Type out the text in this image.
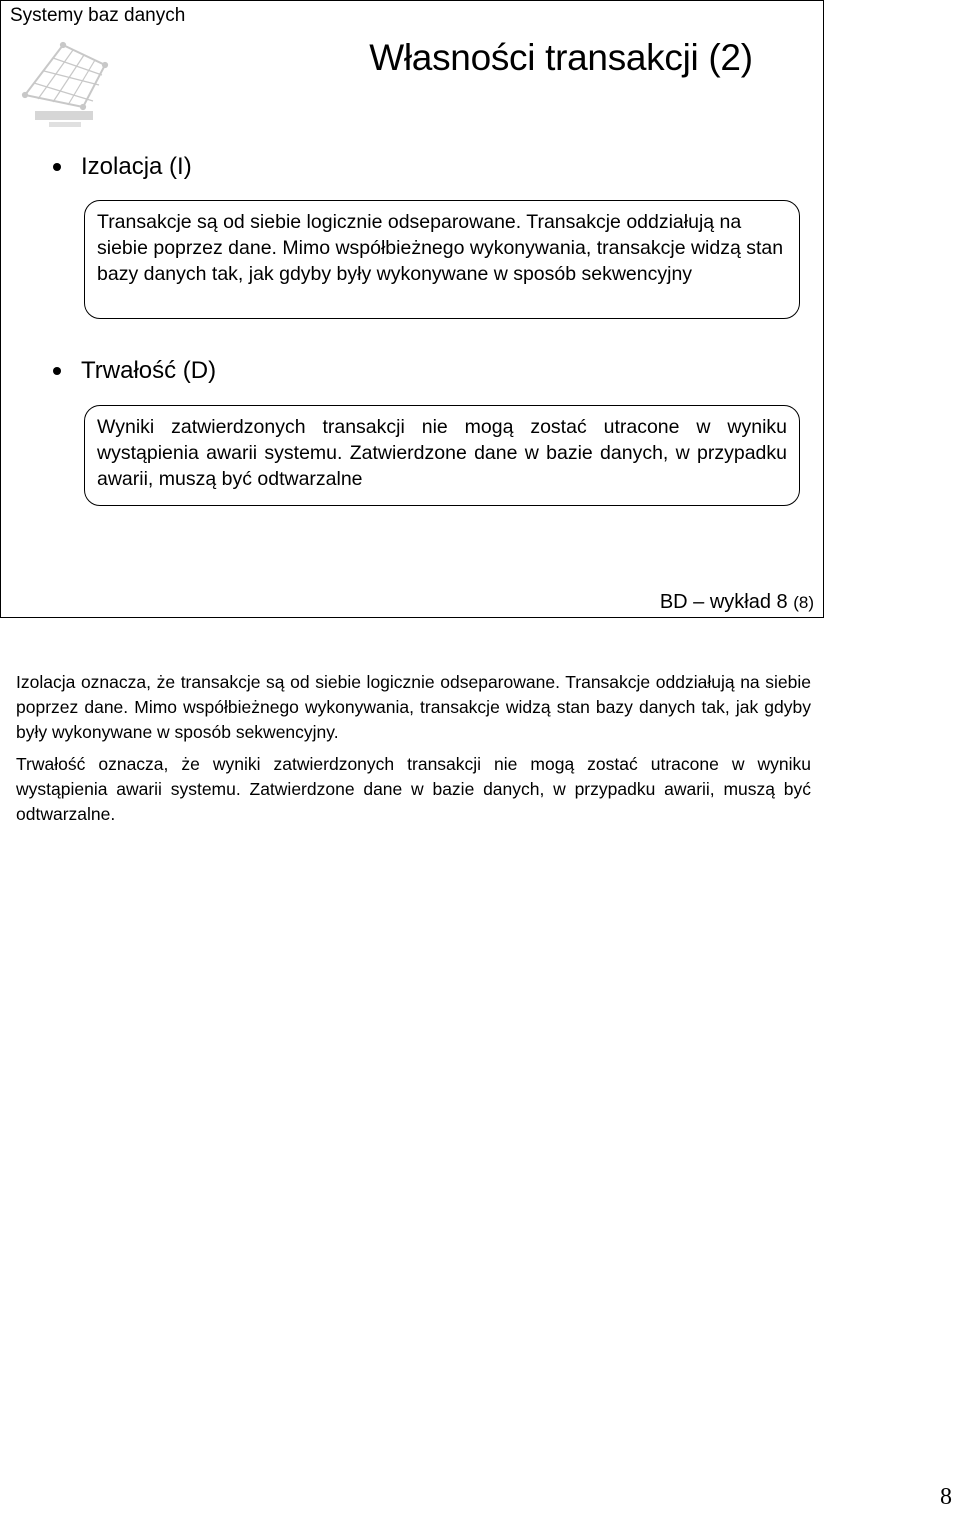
Systemy baz danych
Własności transakcji (2)
Izolacja (I)
Transakcje są od siebie logicznie odseparowane. Transakcje oddziałują na siebie poprzez dane. Mimo współbieżnego wykonywania, transakcje widzą stan bazy danych tak, jak gdyby były wykonywane w sposób sekwencyjny
Trwałość (D)
Wyniki zatwierdzonych transakcji nie mogą zostać utracone w wyniku wystąpienia awarii systemu. Zatwierdzone dane w bazie danych, w przypadku awarii, muszą być odtwarzalne
BD – wykład 8 (8)

Izolacja oznacza, że transakcje są od siebie logicznie odseparowane. Transakcje oddziałują na siebie poprzez dane. Mimo współbieżnego wykonywania, transakcje widzą stan bazy danych tak, jak gdyby były wykonywane w sposób sekwencyjny.

Trwałość oznacza, że wyniki zatwierdzonych transakcji nie mogą zostać utracone w wyniku wystąpienia awarii systemu. Zatwierdzone dane w bazie danych, w przypadku awarii, muszą być odtwarzalne.

8
